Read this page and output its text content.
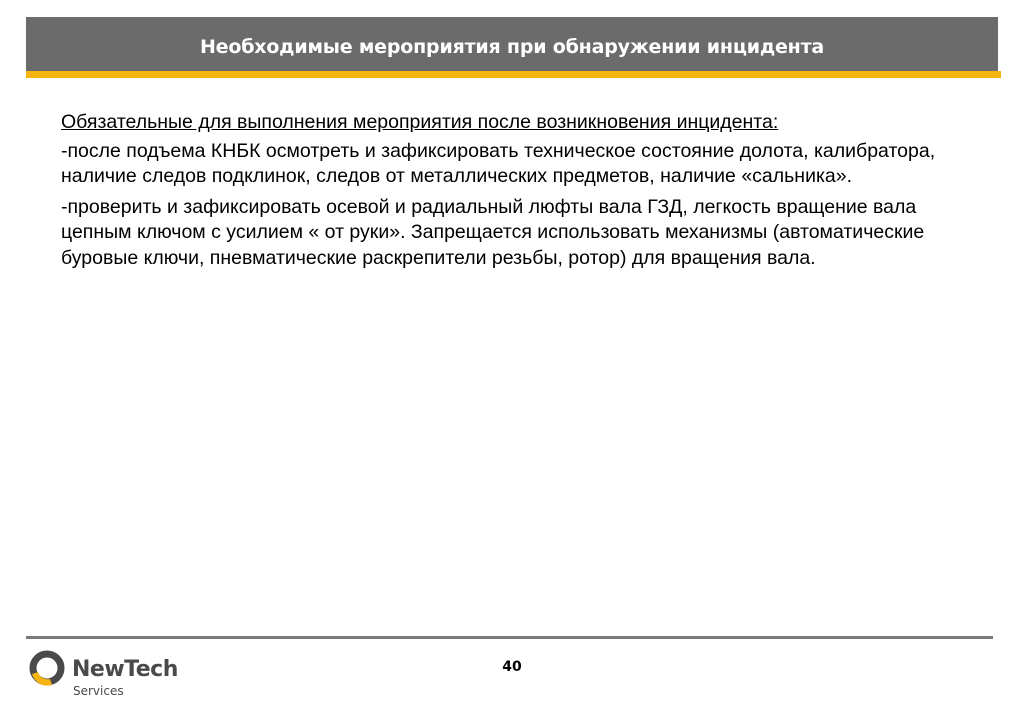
Необходимые мероприятия при обнаружении инцидента

Обязательные для выполнения мероприятия после возникновения инцидента:

-после подъема КНБК осмотреть и зафиксировать техническое состояние долота, калибратора, наличие следов подклинок, следов от металлических предметов, наличие «сальника».

-проверить и зафиксировать осевой и радиальный люфты вала ГЗД, легкость вращение вала цепным ключом с усилием « от руки». Запрещается использовать механизмы (автоматические буровые ключи, пневматические раскрепители резьбы, ротор) для вращения вала.

NewTech
Services
40
